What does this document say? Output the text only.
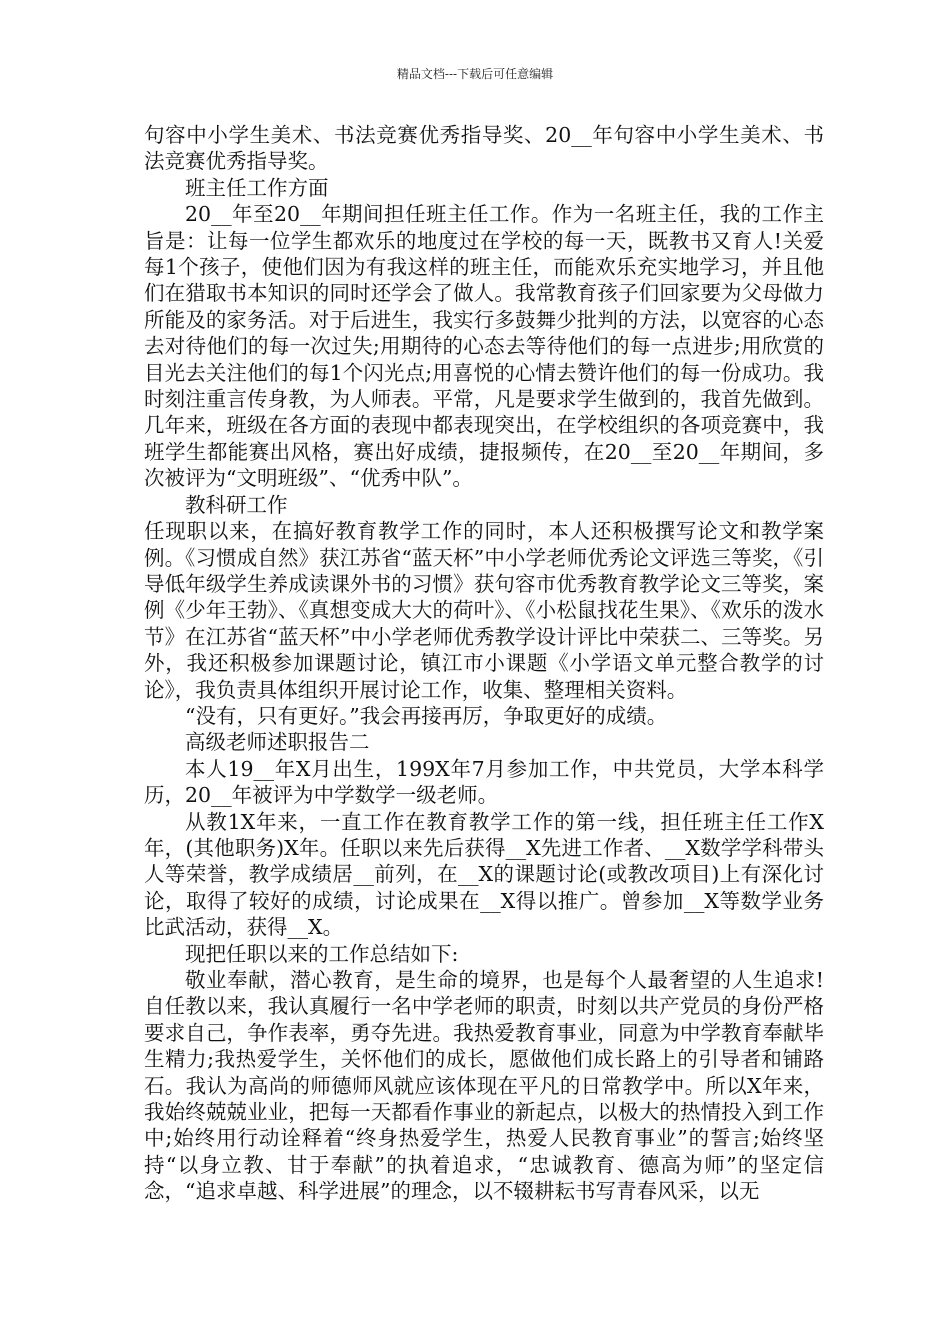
精品文档---下载后可任意编辑

句容中小学生美术、书法竞赛优秀指导奖、20__年句容中小学生美术、书法竞赛优秀指导奖。

班主任工作方面

20__年至20__年期间担任班主任工作。作为一名班主任，我的工作主旨是：让每一位学生都欢乐的地度过在学校的每一天，既教书又育人!关爱每1个孩子，使他们因为有我这样的班主任，而能欢乐充实地学习，并且他们在猎取书本知识的同时还学会了做人。我常教育孩子们回家要为父母做力所能及的家务活。对于后进生，我实行多鼓舞少批判的方法，以宽容的心态去对待他们的每一次过失;用期待的心态去等待他们的每一点进步;用欣赏的目光去关注他们的每1个闪光点;用喜悦的心情去赞许他们的每一份成功。我时刻注重言传身教，为人师表。平常，凡是要求学生做到的，我首先做到。几年来，班级在各方面的表现中都表现突出，在学校组织的各项竞赛中，我班学生都能赛出风格，赛出好成绩，捷报频传，在20__至20__年期间，多次被评为“文明班级”、“优秀中队”。

教科研工作

任现职以来，在搞好教育教学工作的同时，本人还积极撰写论文和教学案例。《习惯成自然》获江苏省“蓝天杯”中小学老师优秀论文评选三等奖，《引导低年级学生养成读课外书的习惯》获句容市优秀教育教学论文三等奖，案例《少年王勃》、《真想变成大大的荷叶》、《小松鼠找花生果》、《欢乐的泼水节》在江苏省“蓝天杯”中小学老师优秀教学设计评比中荣获二、三等奖。另外，我还积极参加课题讨论，镇江市小课题《小学语文单元整合教学的讨论》，我负责具体组织开展讨论工作，收集、整理相关资料。

“没有，只有更好。”我会再接再厉，争取更好的成绩。

高级老师述职报告二

本人19__年X月出生，199X年7月参加工作，中共党员，大学本科学历，20__年被评为中学数学一级老师。

从教1X年来，一直工作在教育教学工作的第一线，担任班主任工作X年，(其他职务)X年。任职以来先后获得__X先进工作者、__X数学学科带头人等荣誉，教学成绩居__前列，在__X的课题讨论(或教改项目)上有深化讨论，取得了较好的成绩，讨论成果在__X得以推广。曾参加__X等数学业务比武活动，获得__X。

现把任职以来的工作总结如下:

敬业奉献，潜心教育，是生命的境界，也是每个人最奢望的人生追求!自任教以来，我认真履行一名中学老师的职责，时刻以共产党员的身份严格要求自己，争作表率，勇夺先进。我热爱教育事业，同意为中学教育奉献毕生精力;我热爱学生，关怀他们的成长，愿做他们成长路上的引导者和铺路石。我认为高尚的师德师风就应该体现在平凡的日常教学中。所以X年来，我始终兢兢业业，把每一天都看作事业的新起点，以极大的热情投入到工作中;始终用行动诠释着“终身热爱学生，热爱人民教育事业”的誓言;始终坚持“以身立教、甘于奉献”的执着追求，“忠诚教育、德高为师”的坚定信念，“追求卓越、科学进展”的理念，以不辍耕耘书写青春风采，以无
